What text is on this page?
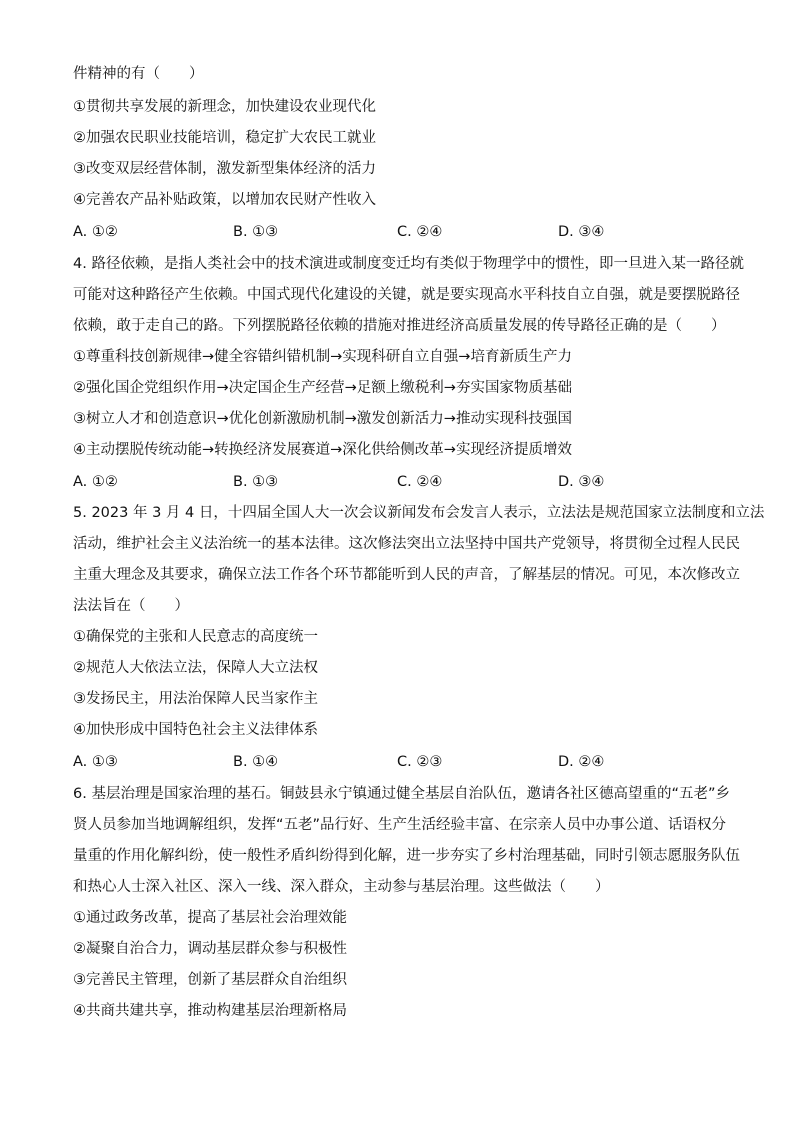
件精神的有（　　）
①贯彻共享发展的新理念，加快建设农业现代化
②加强农民职业技能培训，稳定扩大农民工就业
③改变双层经营体制，激发新型集体经济的活力
④完善农产品补贴政策，以增加农民财产性收入
A. ①②	B. ①③	C. ②④	D. ③④
4. 路径依赖，是指人类社会中的技术演进或制度变迁均有类似于物理学中的惯性，即一旦进入某一路径就
可能对这种路径产生依赖。中国式现代化建设的关键，就是要实现高水平科技自立自强，就是要摆脱路径
依赖，敢于走自己的路。下列摆脱路径依赖的措施对推进经济高质量发展的传导路径正确的是（　　）
①尊重科技创新规律→健全容错纠错机制→实现科研自立自强→培育新质生产力
②强化国企党组织作用→决定国企生产经营→足额上缴税利→夯实国家物质基础
③树立人才和创造意识→优化创新激励机制→激发创新活力→推动实现科技强国
④主动摆脱传统动能→转换经济发展赛道→深化供给侧改革→实现经济提质增效
A. ①②	B. ①③	C. ②④	D. ③④
5. 2023 年 3 月 4 日，十四届全国人大一次会议新闻发布会发言人表示，立法法是规范国家立法制度和立法
活动，维护社会主义法治统一的基本法律。这次修法突出立法坚持中国共产党领导，将贯彻全过程人民民
主重大理念及其要求，确保立法工作各个环节都能听到人民的声音，了解基层的情况。可见，本次修改立
法法旨在（　　）
①确保党的主张和人民意志的高度统一
②规范人大依法立法，保障人大立法权
③发扬民主，用法治保障人民当家作主
④加快形成中国特色社会主义法律体系
A. ①③	B. ①④	C. ②③	D. ②④
6. 基层治理是国家治理的基石。铜鼓县永宁镇通过健全基层自治队伍，邀请各社区德高望重的“五老”乡
贤人员参加当地调解组织，发挥“五老”品行好、生产生活经验丰富、在宗亲人员中办事公道、话语权分
量重的作用化解纠纷，使一般性矛盾纠纷得到化解，进一步夯实了乡村治理基础，同时引领志愿服务队伍
和热心人士深入社区、深入一线、深入群众，主动参与基层治理。这些做法（　　）
①通过政务改革，提高了基层社会治理效能
②凝聚自治合力，调动基层群众参与积极性
③完善民主管理，创新了基层群众自治组织
④共商共建共享，推动构建基层治理新格局
